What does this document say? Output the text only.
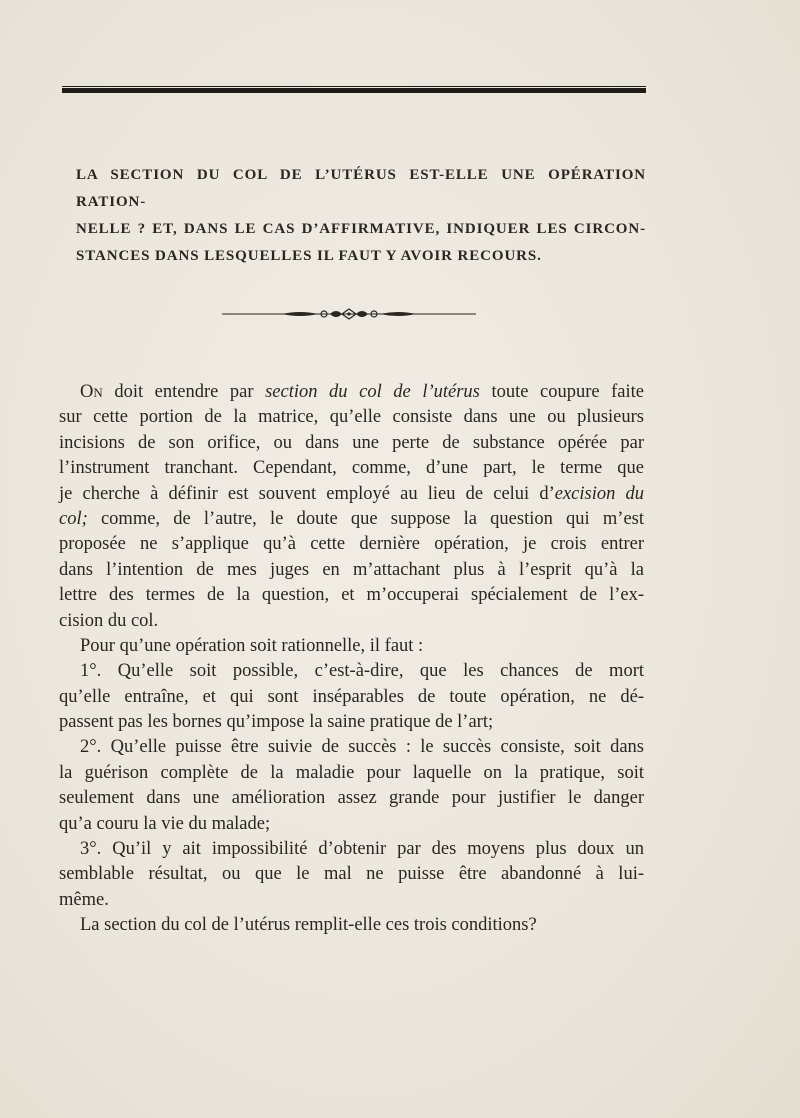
LA SECTION DU COL DE L’UTÉRUS EST-ELLE UNE OPÉRATION RATION-
NELLE ? ET, DANS LE CAS D’AFFIRMATIVE, INDIQUER LES CIRCON-
STANCES DANS LESQUELLES IL FAUT Y AVOIR RECOURS.
On doit entendre par section du col de l’utérus toute coupure faite
sur cette portion de la matrice, qu’elle consiste dans une ou plusieurs
incisions de son orifice, ou dans une perte de substance opérée par
l’instrument tranchant. Cependant, comme, d’une part, le terme que
je cherche à définir est souvent employé au lieu de celui d’excision du
col; comme, de l’autre, le doute que suppose la question qui m’est
proposée ne s’applique qu’à cette dernière opération, je crois entrer
dans l’intention de mes juges en m’attachant plus à l’esprit qu’à la
lettre des termes de la question, et m’occuperai spécialement de l’ex-
cision du col.
Pour qu’une opération soit rationnelle, il faut :
1°. Qu’elle soit possible, c’est-à-dire, que les chances de mort
qu’elle entraîne, et qui sont inséparables de toute opération, ne dé-
passent pas les bornes qu’impose la saine pratique de l’art;
2°. Qu’elle puisse être suivie de succès : le succès consiste, soit dans
la guérison complète de la maladie pour laquelle on la pratique, soit
seulement dans une amélioration assez grande pour justifier le danger
qu’a couru la vie du malade;
3°. Qu’il y ait impossibilité d’obtenir par des moyens plus doux un
semblable résultat, ou que le mal ne puisse être abandonné à lui-
même.
La section du col de l’utérus remplit-elle ces trois conditions?
